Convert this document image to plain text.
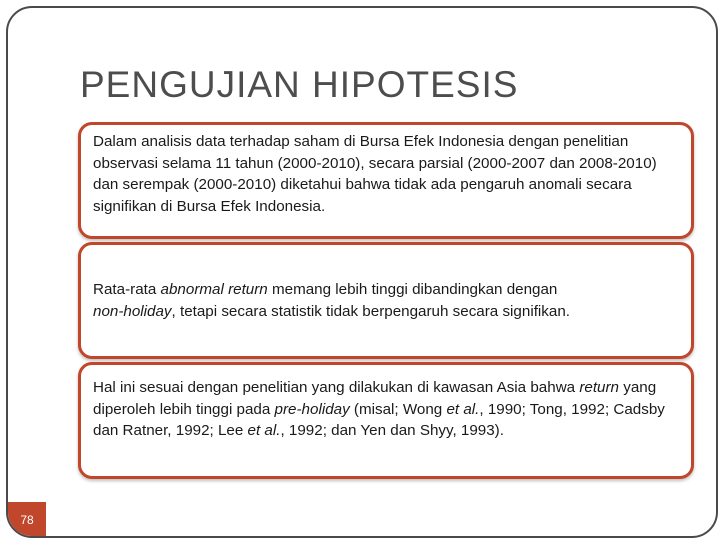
PENGUJIAN HIPOTESIS
Dalam analisis data terhadap saham di Bursa Efek Indonesia dengan penelitian observasi selama 11 tahun (2000-2010), secara parsial (2000-2007 dan 2008-2010) dan serempak (2000-2010) diketahui bahwa tidak ada pengaruh anomali secara signifikan di Bursa Efek Indonesia.
Rata-rata abnormal return memang lebih tinggi dibandingkan dengan
non-holiday, tetapi secara statistik tidak berpengaruh secara signifikan.
Hal ini sesuai dengan penelitian yang dilakukan di kawasan Asia bahwa return yang diperoleh lebih tinggi pada pre-holiday (misal; Wong et al., 1990; Tong, 1992; Cadsby dan Ratner, 1992; Lee et al., 1992; dan Yen dan Shyy, 1993).
78
